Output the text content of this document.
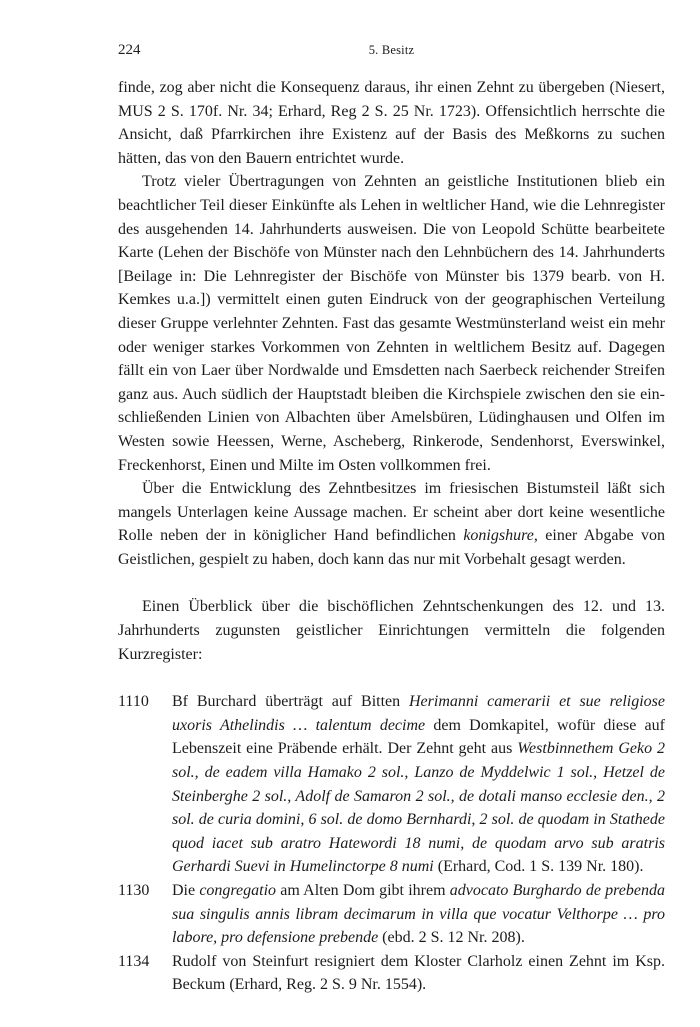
224	5. Besitz

finde, zog aber nicht die Konsequenz daraus, ihr einen Zehnt zu übergeben (Niesert, MUS 2 S. 170f. Nr. 34; Erhard, Reg 2 S. 25 Nr. 1723). Offensichtlich herrschte die Ansicht, daß Pfarrkirchen ihre Existenz auf der Basis des Meßkorns zu suchen hätten, das von den Bauern entrichtet wurde.

Trotz vieler Übertragungen von Zehnten an geistliche Institutionen blieb ein beachtlicher Teil dieser Einkünfte als Lehen in weltlicher Hand, wie die Lehnregister des ausgehenden 14. Jahrhunderts ausweisen. Die von Leopold Schütte bearbeitete Karte (Lehen der Bischöfe von Münster nach den Lehnbüchern des 14. Jahrhunderts [Beilage in: Die Lehnregister der Bischöfe von Münster bis 1379 bearb. von H. Kemkes u.a.]) vermittelt einen guten Eindruck von der geographischen Verteilung dieser Gruppe verlehnter Zehnten. Fast das gesamte Westmünsterland weist ein mehr oder weniger starkes Vorkommen von Zehnten in weltlichem Besitz auf. Dagegen fällt ein von Laer über Nordwalde und Emsdetten nach Saerbeck reichender Streifen ganz aus. Auch südlich der Hauptstadt bleiben die Kirchspiele zwischen den sie einschließenden Linien von Albachten über Amelsbüren, Lüdinghausen und Olfen im Westen sowie Heessen, Werne, Ascheberg, Rinkerode, Sendenhorst, Everswinkel, Freckenhorst, Einen und Milte im Osten vollkommen frei.

Über die Entwicklung des Zehntbesitzes im friesischen Bistumsteil läßt sich mangels Unterlagen keine Aussage machen. Er scheint aber dort keine wesentliche Rolle neben der in königlicher Hand befindlichen konigshure, einer Abgabe von Geistlichen, gespielt zu haben, doch kann das nur mit Vorbehalt gesagt werden.

Einen Überblick über die bischöflichen Zehntschenkungen des 12. und 13. Jahrhunderts zugunsten geistlicher Einrichtungen vermitteln die folgenden Kurzregister:

1110	Bf Burchard überträgt auf Bitten Herimanni camerarii et sue religiose uxoris Athelindis … talentum decime dem Domkapitel, wofür diese auf Lebenszeit eine Präbende erhält. Der Zehnt geht aus Westbinnethem Geko 2 sol., de eadem villa Hamako 2 sol., Lanzo de Myddelwic 1 sol., Hetzel de Steinberghe 2 sol., Adolf de Samaron 2 sol., de dotali manso ecclesie den., 2 sol. de curia domini, 6 sol. de domo Bernhardi, 2 sol. de quodam in Stathede quod iacet sub aratro Hatewordi 18 numi, de quodam arvo sub aratris Gerhardi Suevi in Humelinctorpe 8 numi (Erhard, Cod. 1 S. 139 Nr. 180).
1130	Die congregatio am Alten Dom gibt ihrem advocato Burghardo de prebenda sua singulis annis libram decimarum in villa que vocatur Velthorpe … pro labore, pro defensione prebende (ebd. 2 S. 12 Nr. 208).
1134	Rudolf von Steinfurt resigniert dem Kloster Clarholz einen Zehnt im Ksp. Beckum (Erhard, Reg. 2 S. 9 Nr. 1554).
